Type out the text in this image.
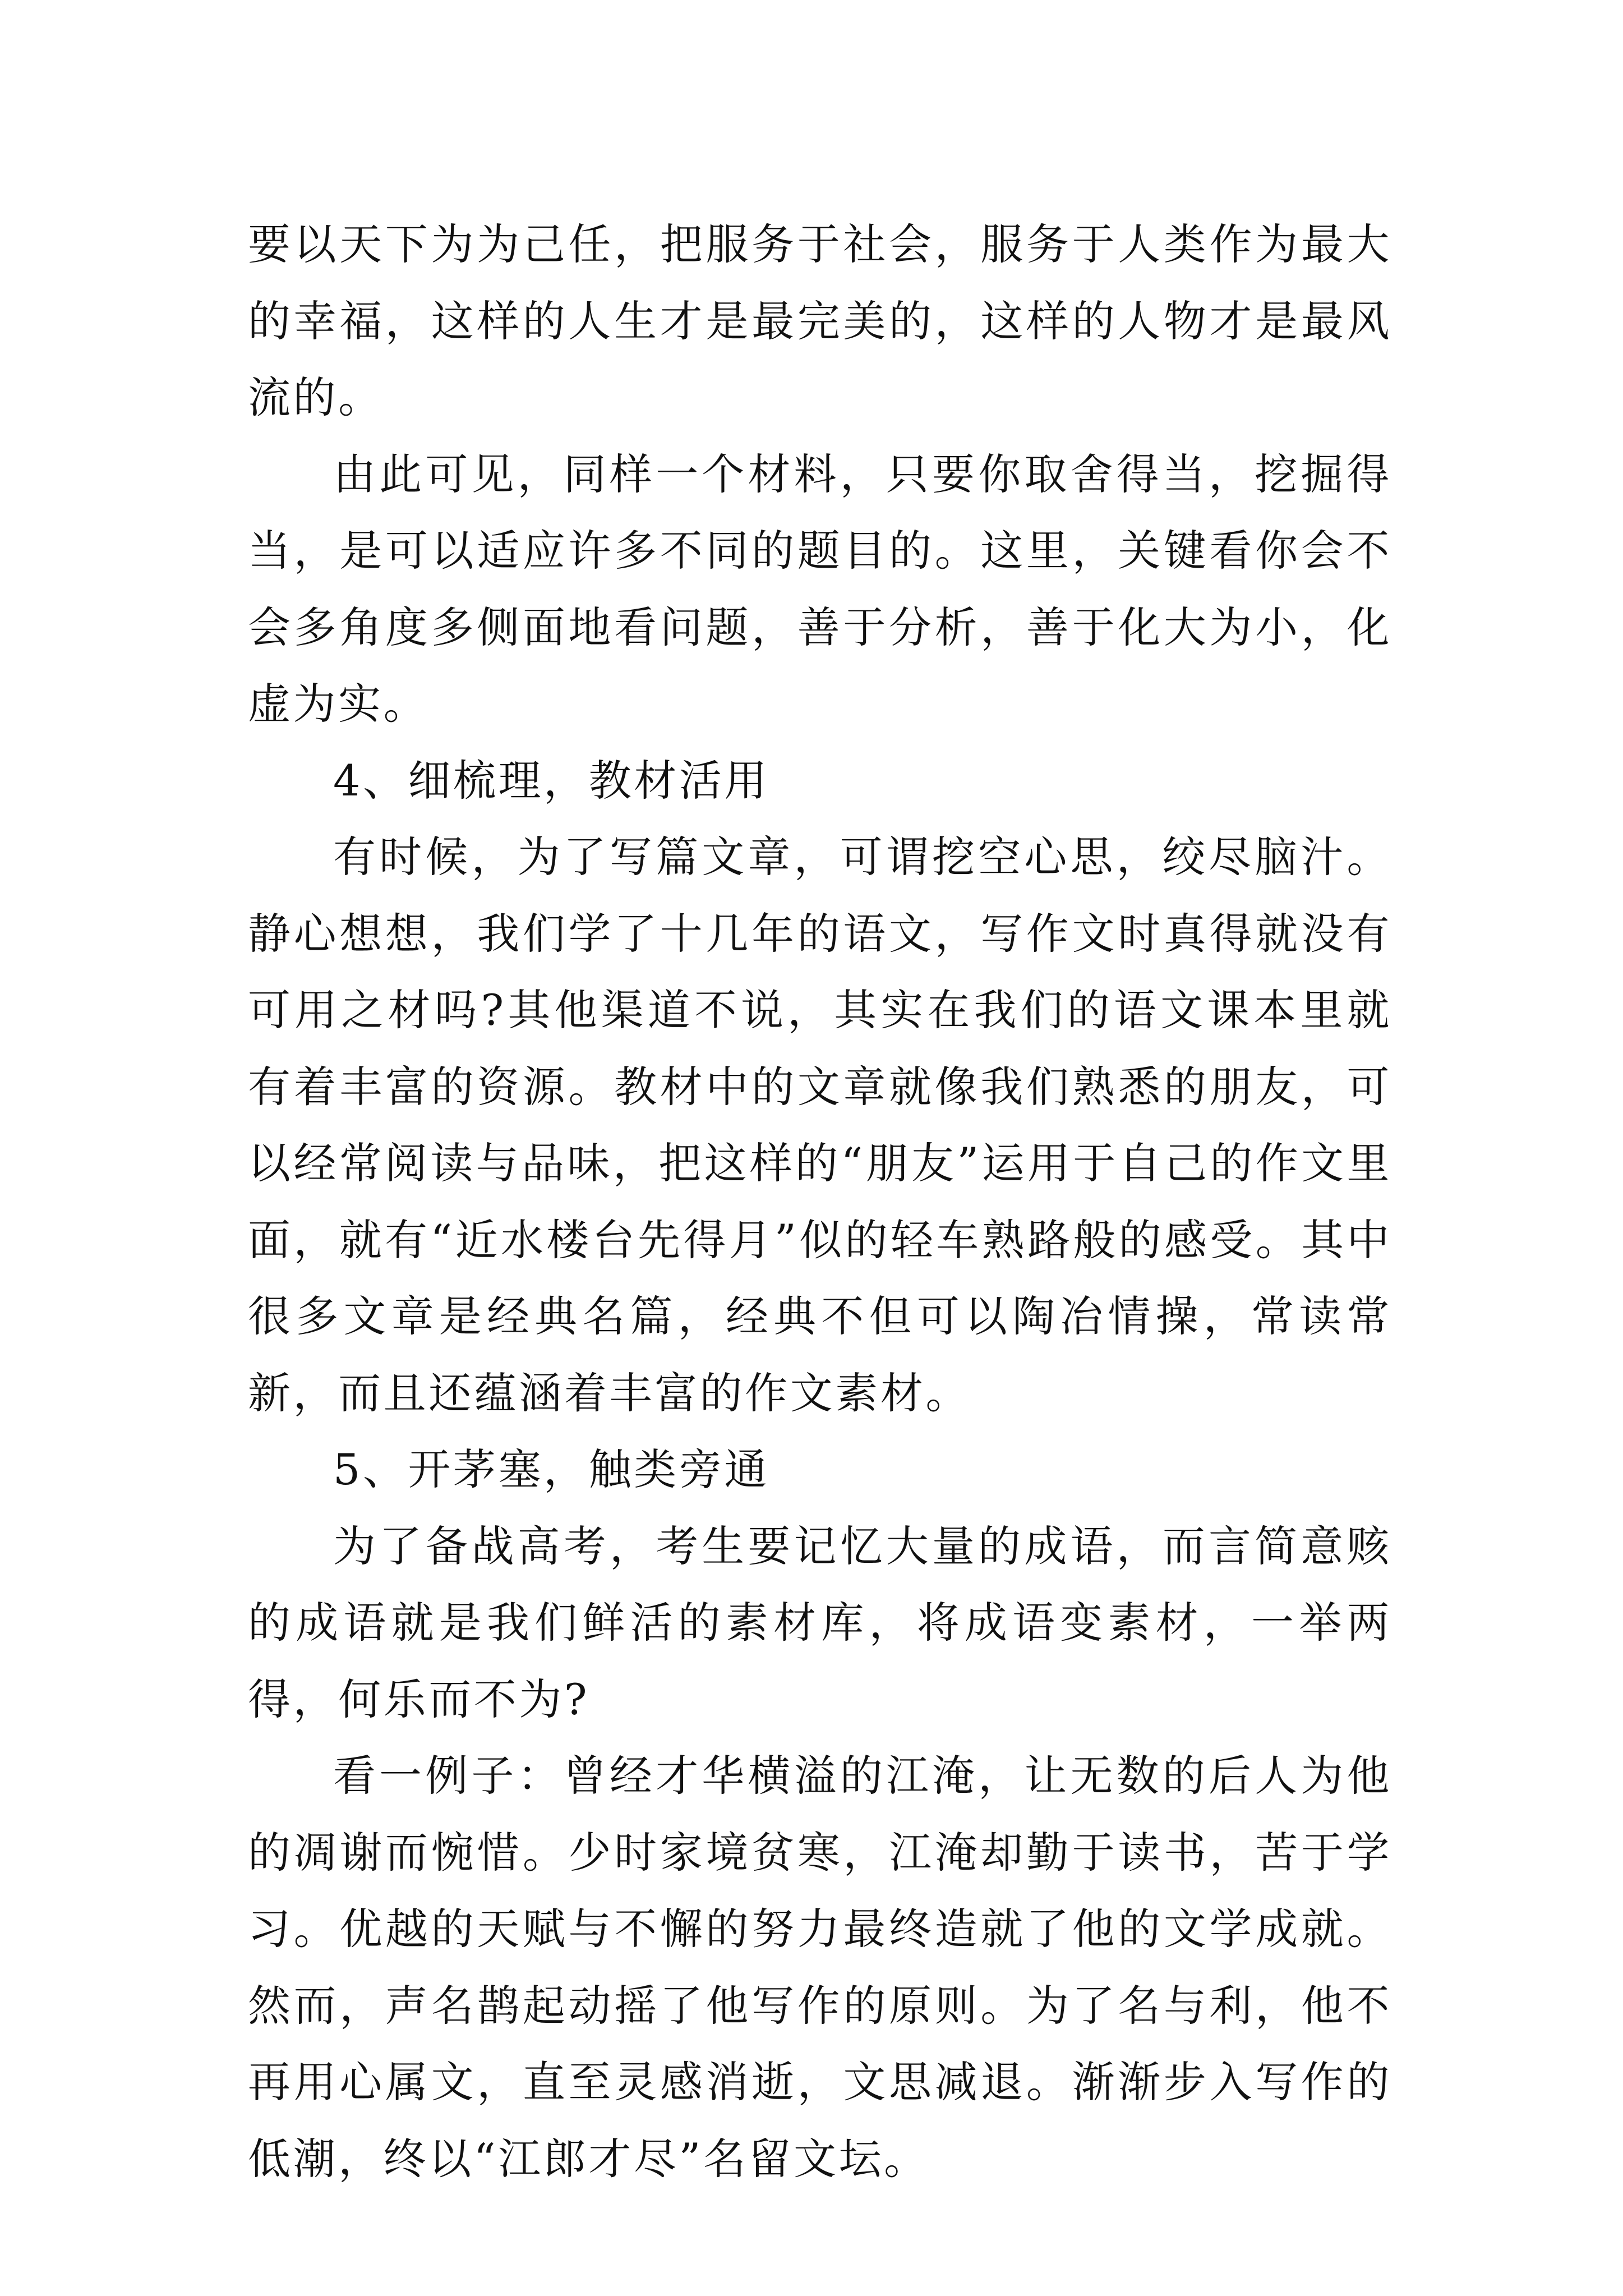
要以天下为为己任，把服务于社会，服务于人类作为最大的幸福，这样的人生才是最完美的，这样的人物才是最风流的。

由此可见，同样一个材料，只要你取舍得当，挖掘得当，是可以适应许多不同的题目的。这里，关键看你会不会多角度多侧面地看问题，善于分析，善于化大为小，化虚为实。

4、细梳理，教材活用

有时候，为了写篇文章，可谓挖空心思，绞尽脑汁。静心想想，我们学了十几年的语文，写作文时真得就没有可用之材吗?其他渠道不说，其实在我们的语文课本里就有着丰富的资源。教材中的文章就像我们熟悉的朋友，可以经常阅读与品味，把这样的“朋友”运用于自己的作文里面，就有“近水楼台先得月”似的轻车熟路般的感受。其中很多文章是经典名篇，经典不但可以陶冶情操，常读常新，而且还蕴涵着丰富的作文素材。

5、开茅塞，触类旁通

为了备战高考，考生要记忆大量的成语，而言简意赅的成语就是我们鲜活的素材库，将成语变素材，一举两得，何乐而不为?

看一例子：曾经才华横溢的江淹，让无数的后人为他的凋谢而惋惜。少时家境贫寒，江淹却勤于读书，苦于学习。优越的天赋与不懈的努力最终造就了他的文学成就。然而，声名鹊起动摇了他写作的原则。为了名与利，他不再用心属文，直至灵感消逝，文思减退。渐渐步入写作的低潮，终以“江郎才尽”名留文坛。
